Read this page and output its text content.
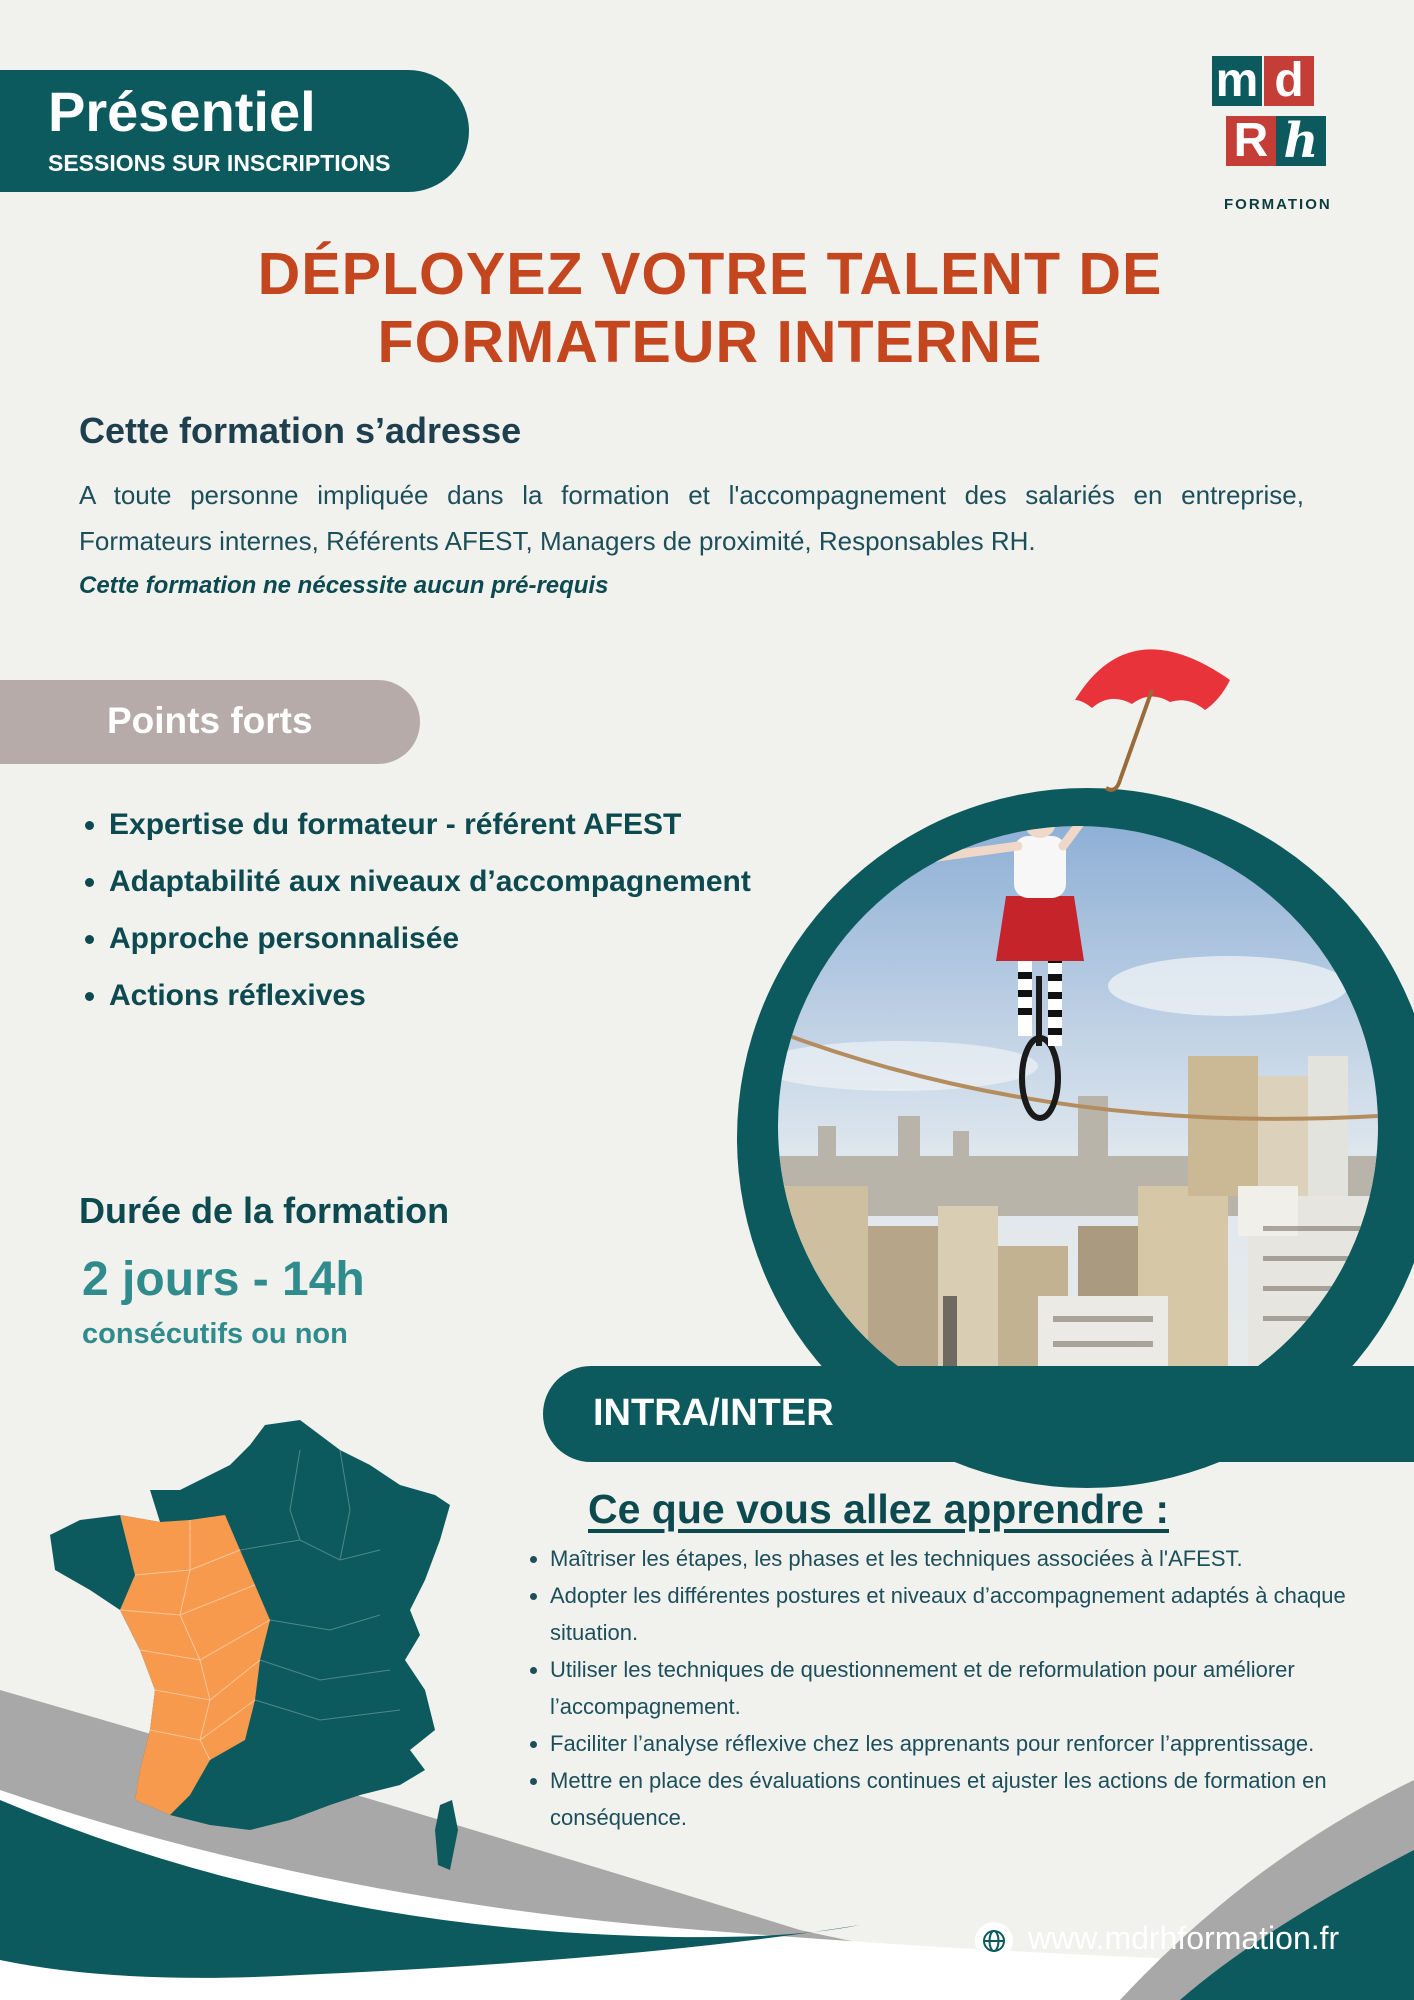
Présentiel
SESSIONS SUR INSCRIPTIONS
m d
R h
FORMATION
DÉPLOYEZ VOTRE TALENT DE
FORMATEUR INTERNE
Cette formation s’adresse
A toute personne impliquée dans la formation et l'accompagnement des salariés en entreprise, Formateurs internes, Référents AFEST, Managers de proximité, Responsables RH.
Cette formation ne nécessite aucun pré-requis
Points forts
• Expertise du formateur - référent AFEST
• Adaptabilité aux niveaux d’accompagnement
• Approche personnalisée
• Actions réflexives
Durée de la formation
2 jours - 14h
consécutifs ou non
INTRA/INTER
Ce que vous allez apprendre :
• Maîtriser les étapes, les phases et les techniques associées à l'AFEST.
• Adopter les différentes postures et niveaux d’accompagnement adaptés à chaque situation.
• Utiliser les techniques de questionnement et de reformulation pour améliorer l’accompagnement.
• Faciliter l’analyse réflexive chez les apprenants pour renforcer l’apprentissage.
• Mettre en place des évaluations continues et ajuster les actions de formation en conséquence.
www.mdrhformation.fr
